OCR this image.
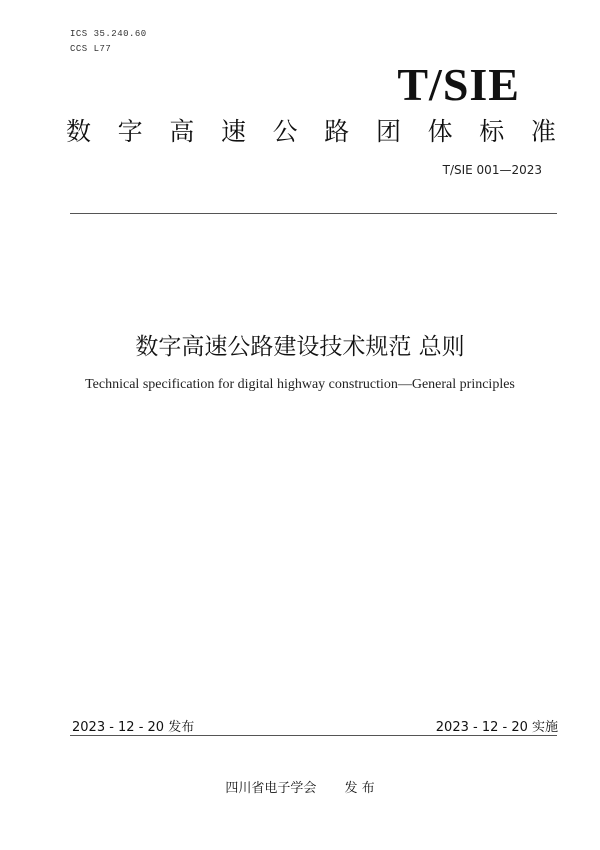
ICS 35.240.60
CCS L77
T/SIE
数 字 高 速 公 路 团 体 标 准
T/SIE 001—2023
数字高速公路建设技术规范 总则
Technical specification for digital highway construction—General principles
2023 - 12 - 20 发布	2023 - 12 - 20 实施
四川省电子学会 发 布
